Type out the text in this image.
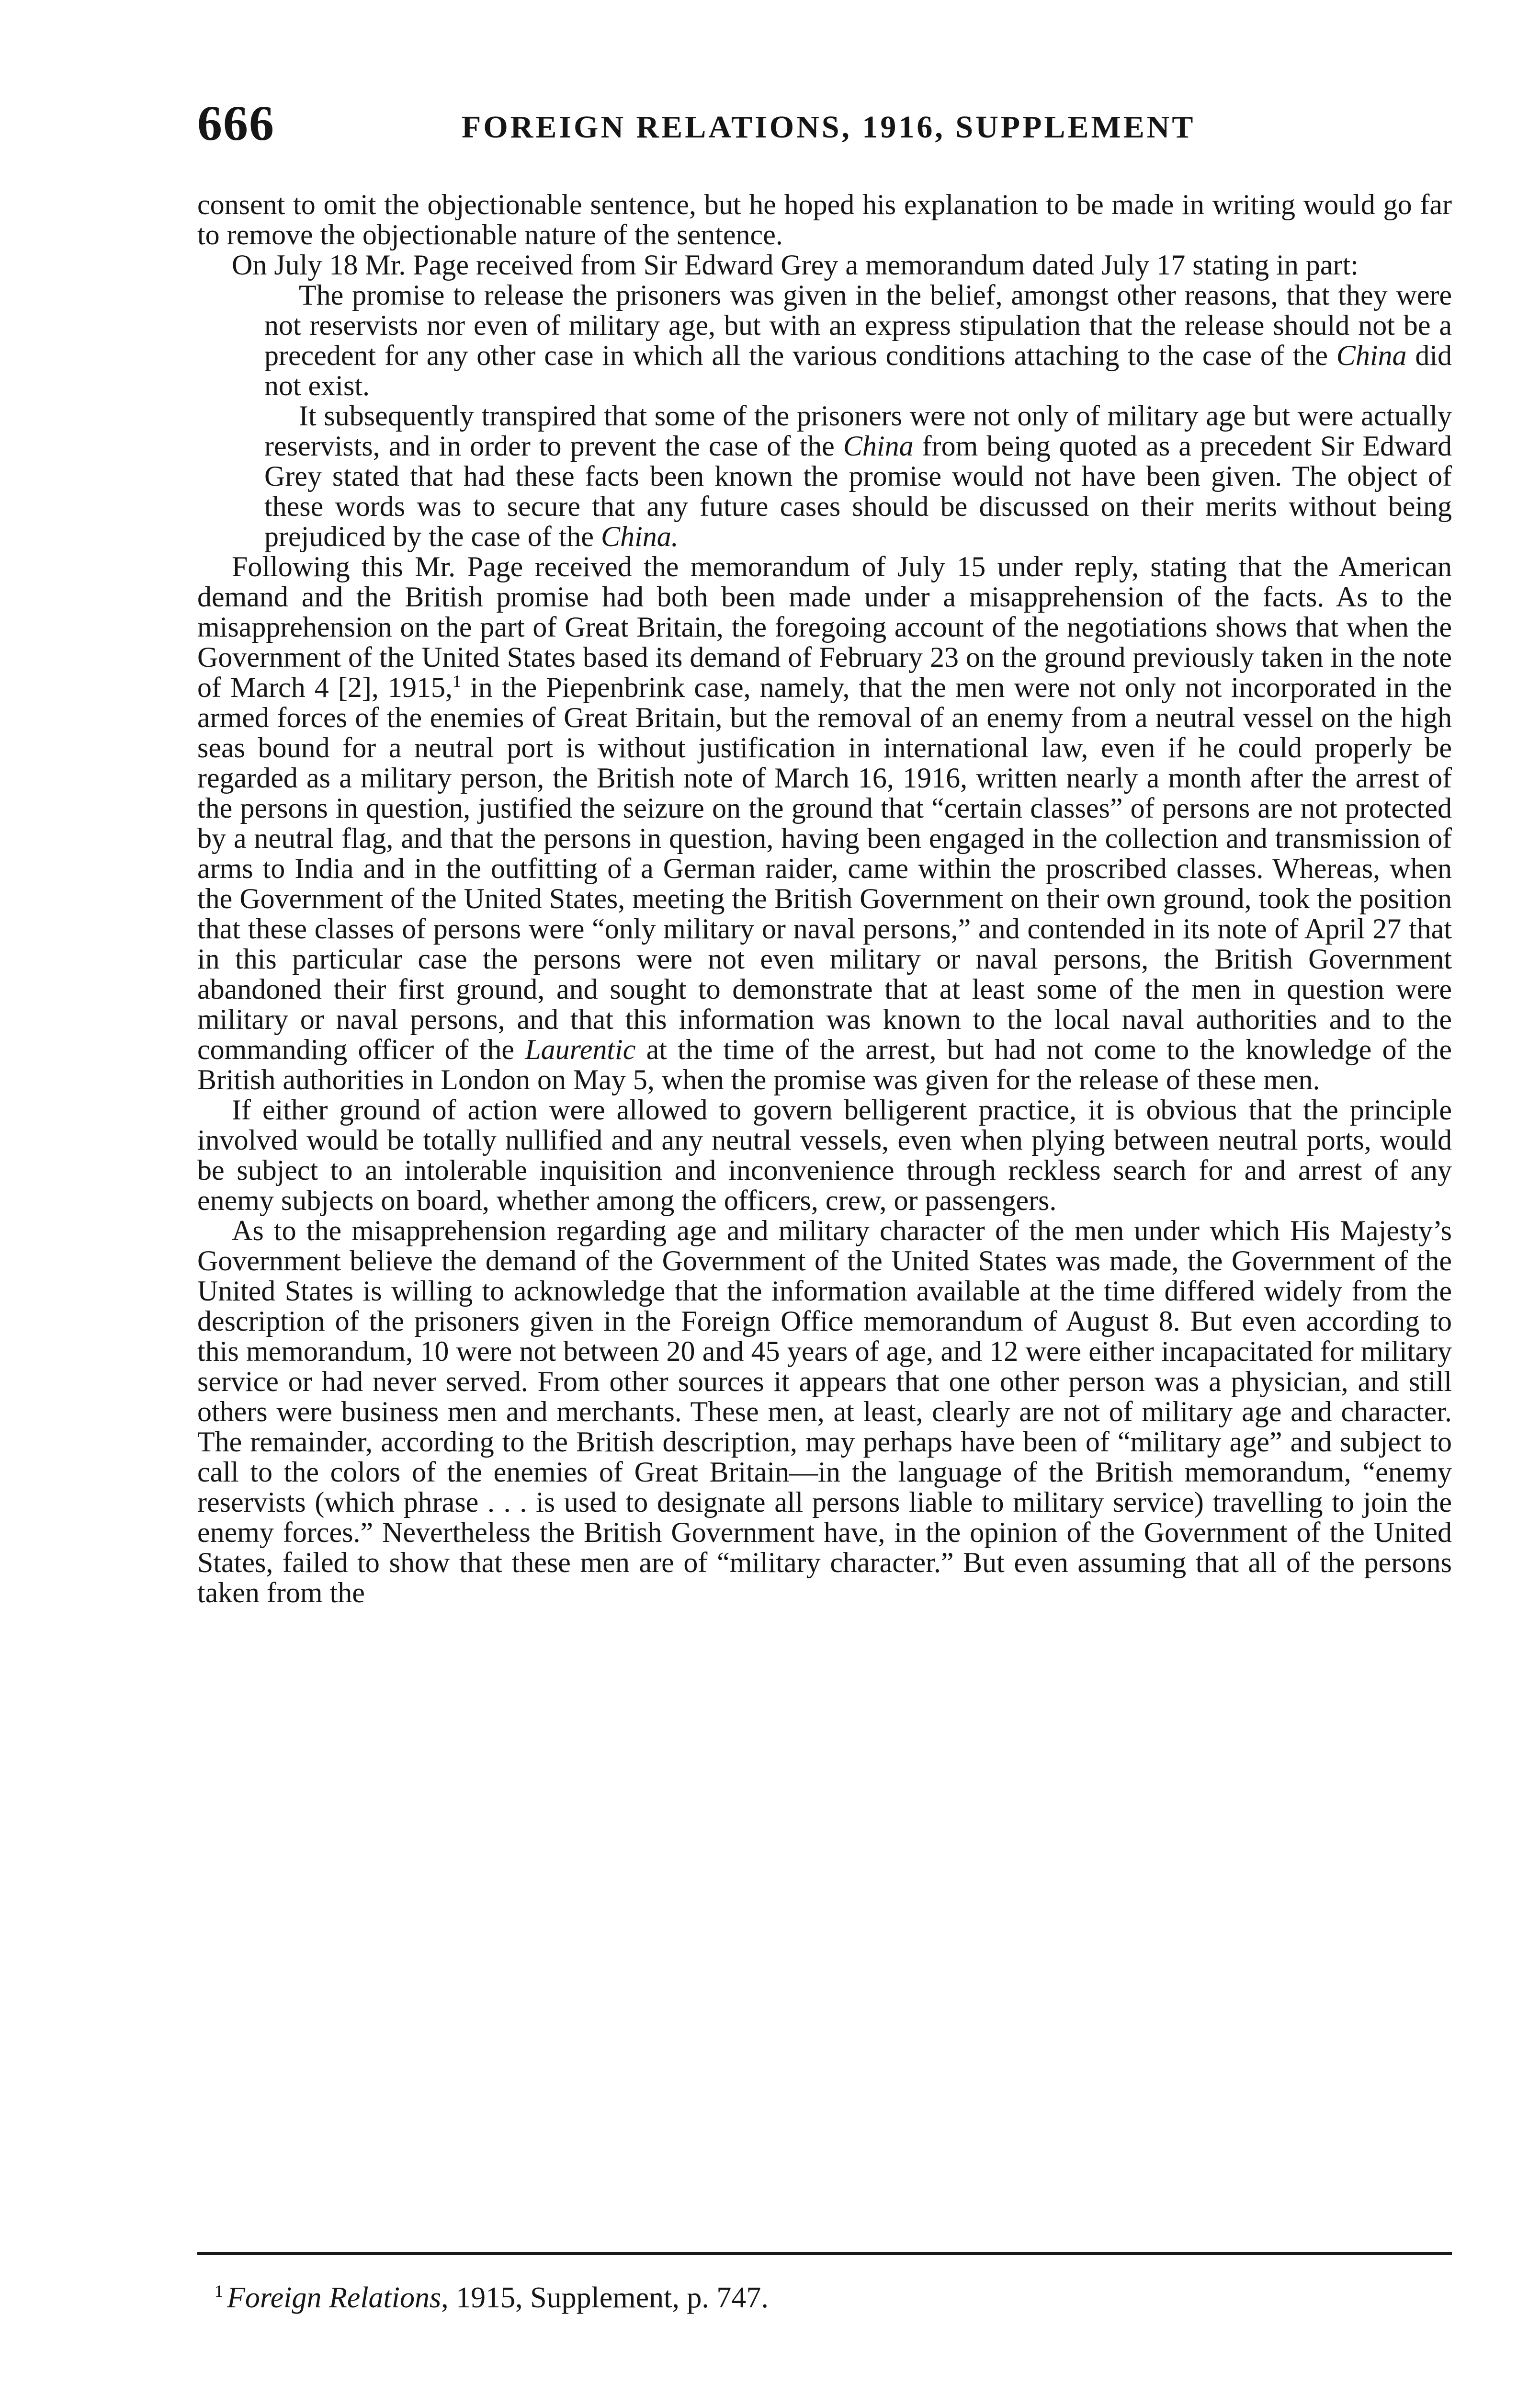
666	FOREIGN RELATIONS, 1916, SUPPLEMENT

consent to omit the objectionable sentence, but he hoped his explanation to be made in writing would go far to remove the objectionable nature of the sentence.

On July 18 Mr. Page received from Sir Edward Grey a memorandum dated July 17 stating in part:

The promise to release the prisoners was given in the belief, amongst other reasons, that they were not reservists nor even of military age, but with an express stipulation that the release should not be a precedent for any other case in which all the various conditions attaching to the case of the China did not exist.

It subsequently transpired that some of the prisoners were not only of military age but were actually reservists, and in order to prevent the case of the China from being quoted as a precedent Sir Edward Grey stated that had these facts been known the promise would not have been given. The object of these words was to secure that any future cases should be discussed on their merits without being prejudiced by the case of the China.

Following this Mr. Page received the memorandum of July 15 under reply, stating that the American demand and the British promise had both been made under a misapprehension of the facts. As to the misapprehension on the part of Great Britain, the foregoing account of the negotiations shows that when the Government of the United States based its demand of February 23 on the ground previously taken in the note of March 4 [2], 1915,$^1$ in the Piepenbrink case, namely, that the men were not only not incorporated in the armed forces of the enemies of Great Britain, but the removal of an enemy from a neutral vessel on the high seas bound for a neutral port is without justification in international law, even if he could properly be regarded as a military person, the British note of March 16, 1916, written nearly a month after the arrest of the persons in question, justified the seizure on the ground that “certain classes” of persons are not protected by a neutral flag, and that the persons in question, having been engaged in the collection and transmission of arms to India and in the outfitting of a German raider, came within the proscribed classes. Whereas, when the Government of the United States, meeting the British Government on their own ground, took the position that these classes of persons were “only military or naval persons,” and contended in its note of April 27 that in this particular case the persons were not even military or naval persons, the British Government abandoned their first ground, and sought to demonstrate that at least some of the men in question were military or naval persons, and that this information was known to the local naval authorities and to the commanding officer of the Laurentic at the time of the arrest, but had not come to the knowledge of the British authorities in London on May 5, when the promise was given for the release of these men.

If either ground of action were allowed to govern belligerent practice, it is obvious that the principle involved would be totally nullified and any neutral vessels, even when plying between neutral ports, would be subject to an intolerable inquisition and inconvenience through reckless search for and arrest of any enemy subjects on board, whether among the officers, crew, or passengers.

As to the misapprehension regarding age and military character of the men under which His Majesty’s Government believe the demand of the Government of the United States was made, the Government of the United States is willing to acknowledge that the information available at the time differed widely from the description of the prisoners given in the Foreign Office memorandum of August 8. But even according to this memorandum, 10 were not between 20 and 45 years of age, and 12 were either incapacitated for military service or had never served. From other sources it appears that one other person was a physician, and still others were business men and merchants. These men, at least, clearly are not of military age and character. The remainder, according to the British description, may perhaps have been of “military age” and subject to call to the colors of the enemies of Great Britain—in the language of the British memorandum, “enemy reservists (which phrase . . . is used to designate all persons liable to military service) travelling to join the enemy forces.” Nevertheless the British Government have, in the opinion of the Government of the United States, failed to show that these men are of “military character.” But even assuming that all of the persons taken from the

$^1$ Foreign Relations, 1915, Supplement, p. 747.
